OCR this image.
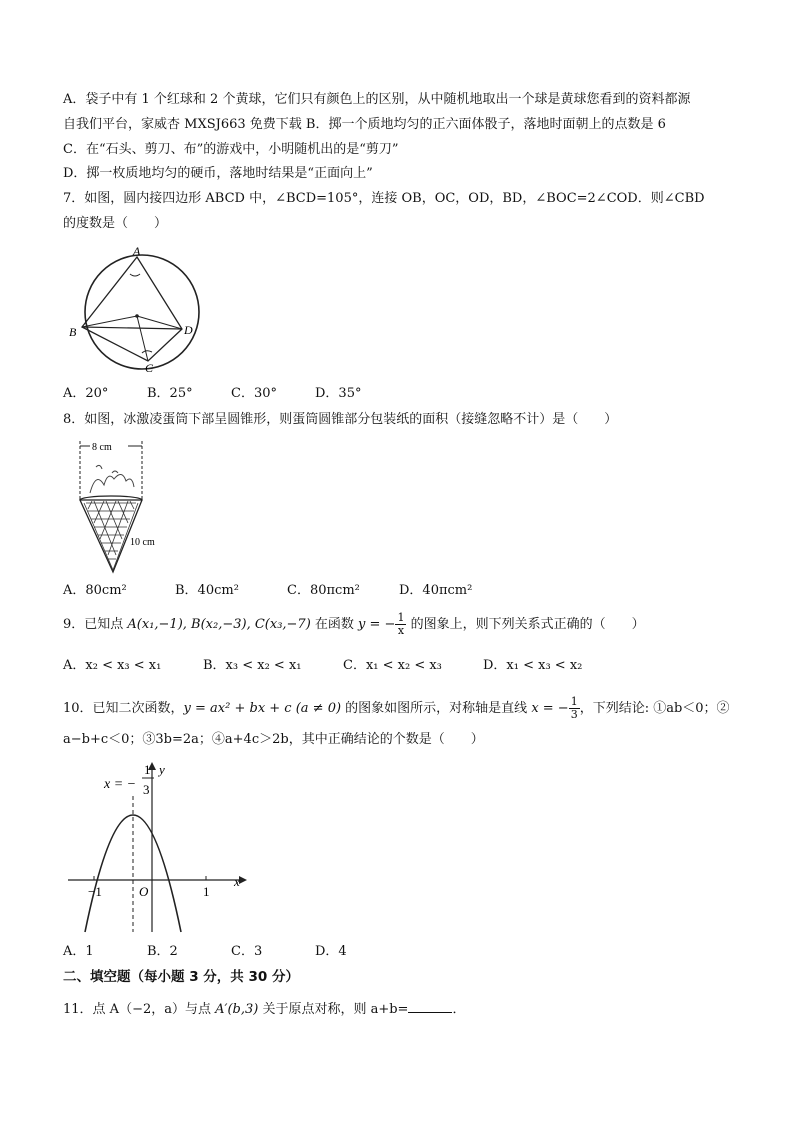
A．袋子中有 1 个红球和 2 个黄球，它们只有颜色上的区别，从中随机地取出一个球是黄球您看到的资料都源
自我们平台，家威杏 MXSJ663 免费下载 B．掷一个质地均匀的正六面体骰子，落地时面朝上的点数是 6
C．在“石头、剪刀、布”的游戏中，小明随机出的是“剪刀”
D．掷一枚质地均匀的硬币，落地时结果是“正面向上”
7．如图，圆内接四边形 ABCD 中，∠BCD=105°，连接 OB，OC，OD，BD，∠BOC=2∠COD．则∠CBD
的度数是（　　）
A
B	D
C
A．20°	B．25°	C．30°	D．35°
8．如图，冰激凌蛋筒下部呈圆锥形，则蛋筒圆锥部分包装纸的面积（接缝忽略不计）是（　　）
8 cm
10 cm
A．80cm²	B．40cm²	C．80πcm²	D．40πcm²
9．已知点 A(x₁,−1), B(x₂,−3), C(x₃,−7) 在函数 y = − $\frac{1}{x}$ 的图象上，则下列关系式正确的（　　）
A．x₂ < x₃ < x₁	B．x₃ < x₂ < x₁	C．x₁ < x₂ < x₃	D．x₁ < x₃ < x₂
10．已知二次函数，y = ax² + bx + c (a ≠ 0) 的图象如图所示，对称轴是直线 x = − $\frac{1}{3}$ ，下列结论: ①ab＜0；②
a−b+c＜0；③3b=2a；④a+4c＞2b，其中正确结论的个数是（　　）
x = −
1
3
y
x
O
−1	1
A．1	B．2	C．3	D．4
二、填空题（每小题 3 分，共 30 分）
11．点 A（−2，a）与点 A′(b,3) 关于原点对称，则 a+b=	．
